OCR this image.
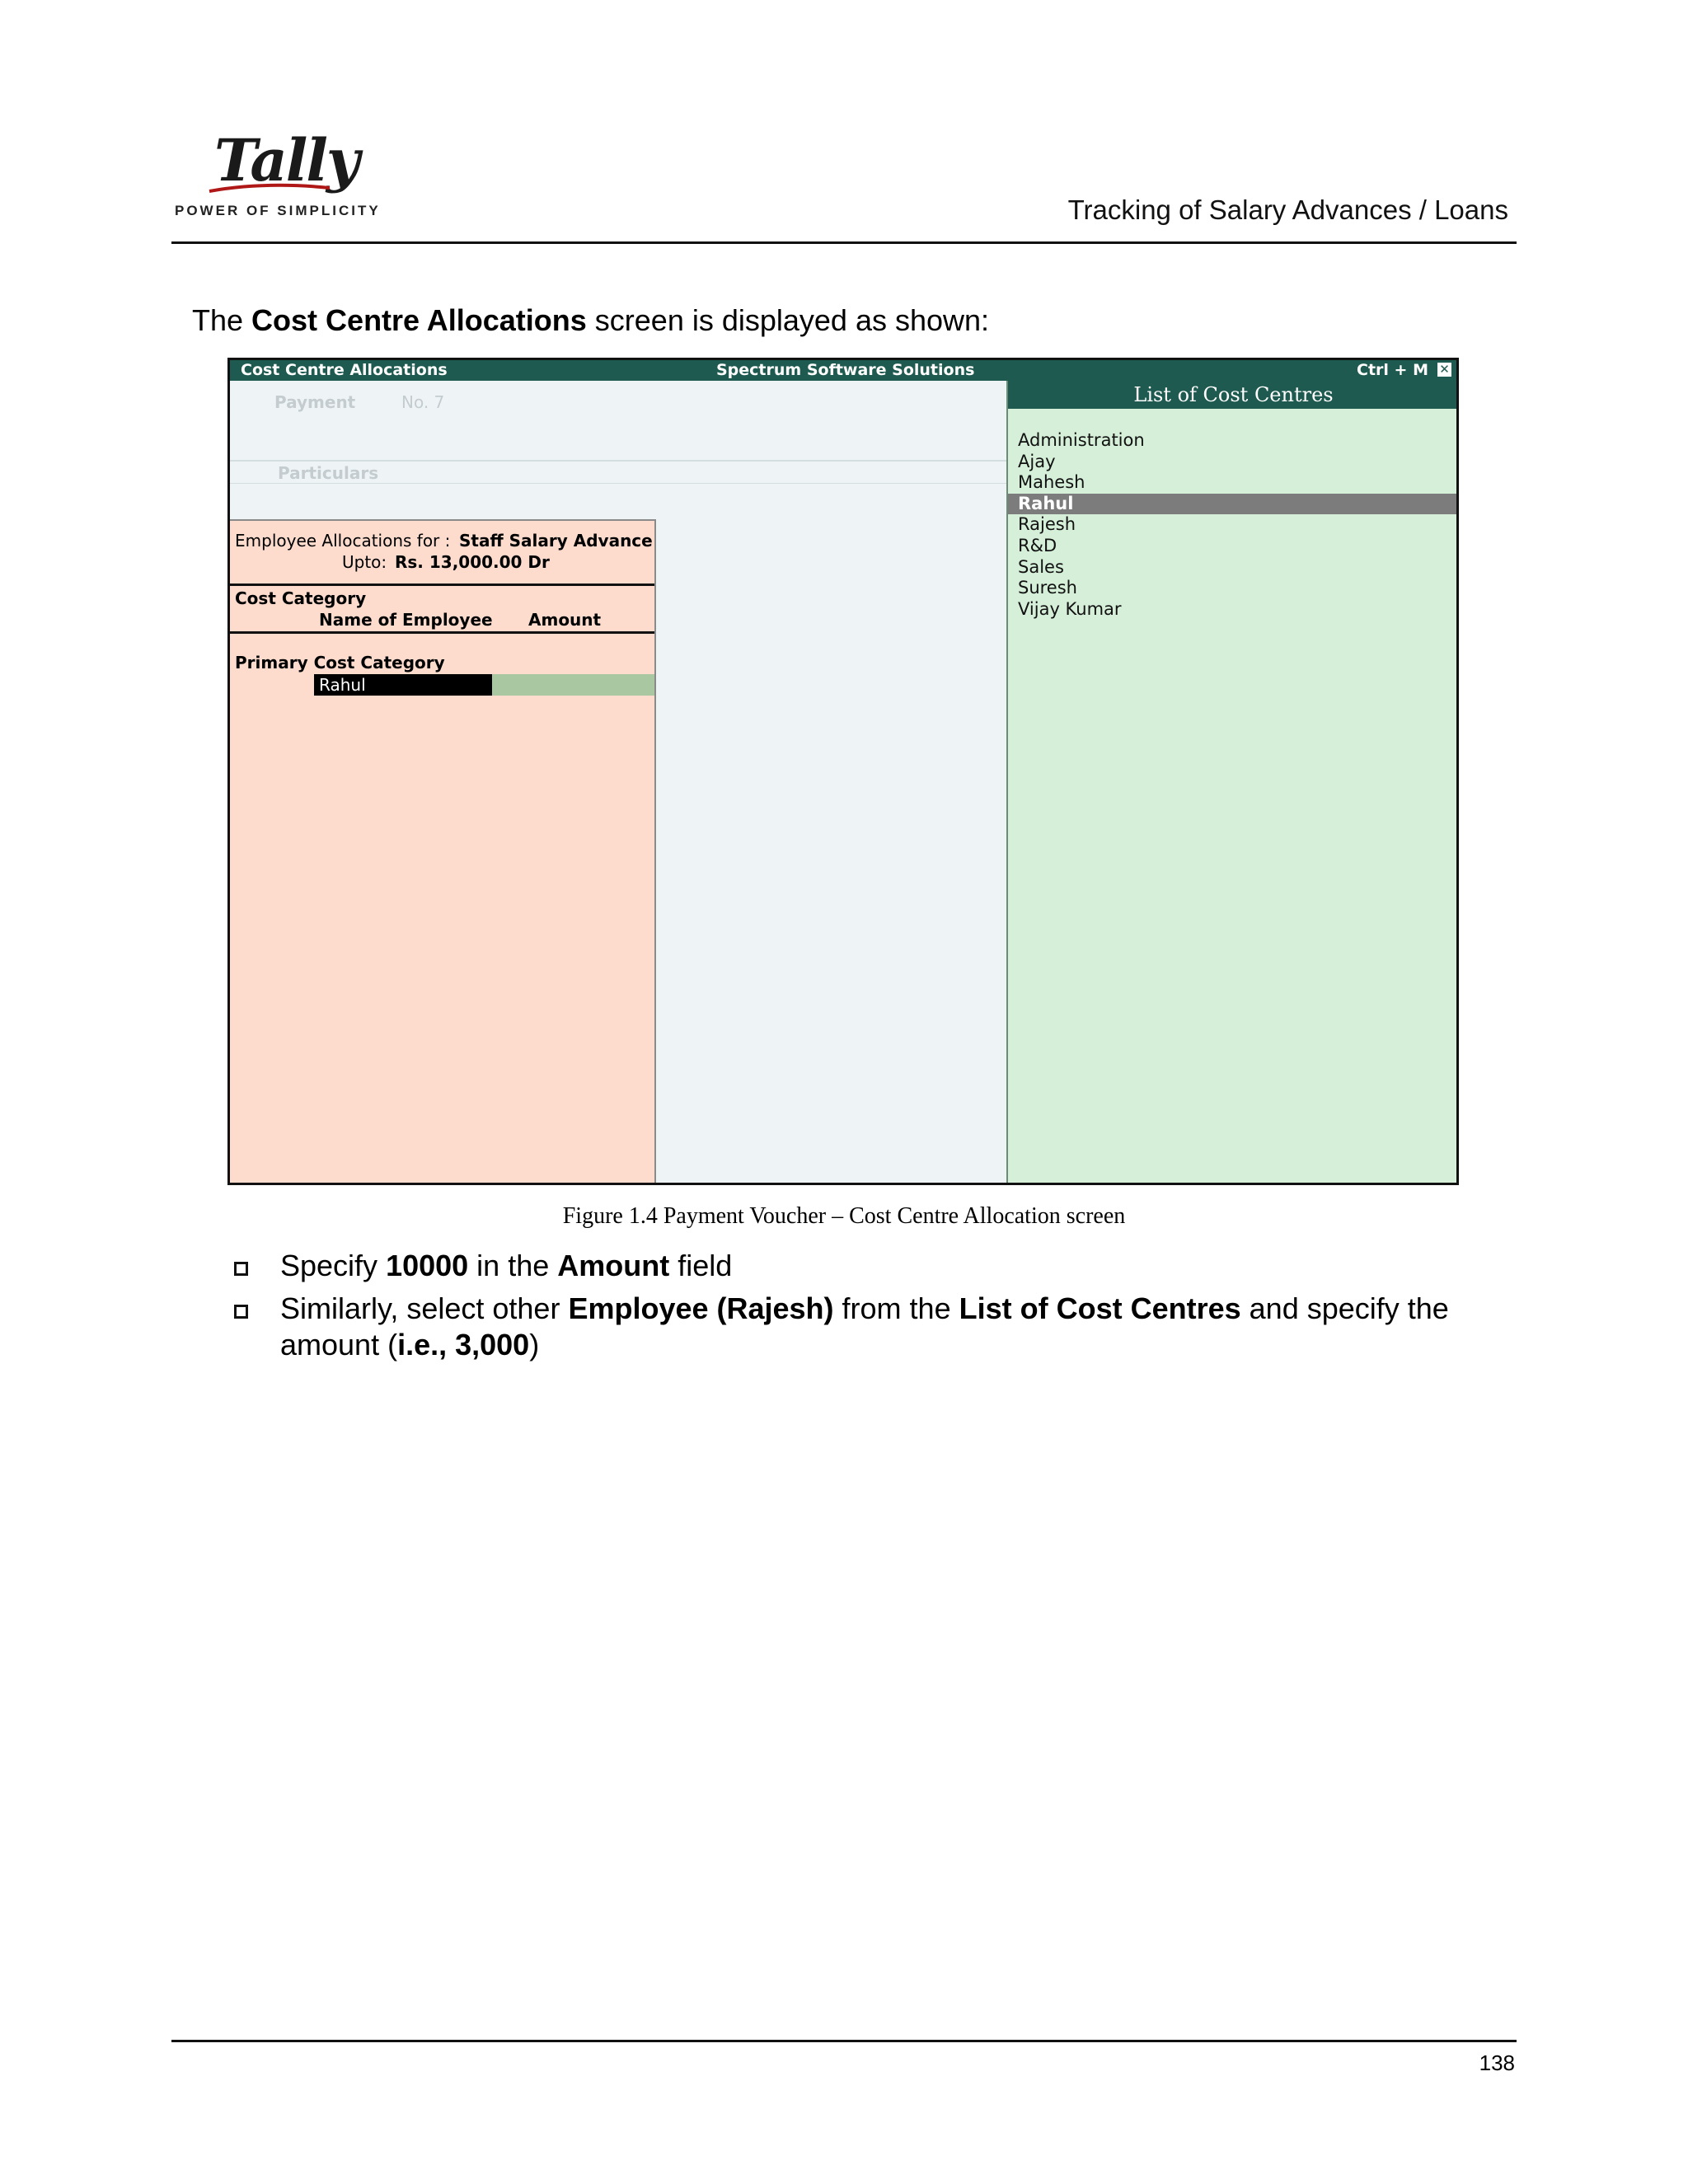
Tally
POWER OF SIMPLICITY	Tracking of Salary Advances / Loans
The Cost Centre Allocations screen is displayed as shown:
Cost Centre Allocations	Spectrum Software Solutions	Ctrl + M ✕
Payment	No. 7
Particulars
Employee Allocations for : Staff Salary Advance
Upto: Rs. 13,000.00 Dr
Cost Category
Name of Employee Amount
Primary Cost Category
Rahul
List of Cost Centres
Administration
Ajay
Mahesh
Rahul
Rajesh
R&D
Sales
Suresh
Vijay Kumar
Figure 1.4 Payment Voucher – Cost Centre Allocation screen
Specify 10000 in the Amount field
Similarly, select other Employee (Rajesh) from the List of Cost Centres and specify the amount (i.e., 3,000)
138
